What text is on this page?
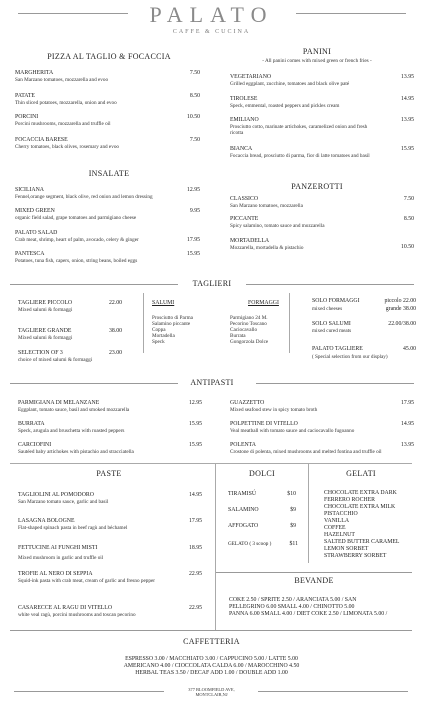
PALATO
CAFFE & CUCINA
PIZZA AL TAGLIO & FOCACCIA
MARGHERITA
San Marzano tomatoes, mozzarella and evoo
7.50
PATATE
Thin sliced potatoes, mozzarella, onion and evoo
8.50
PORCINI
Porcini mushrooms, mozzarella and truffle oil
10.50
FOCACCIA BARESE
Cherry tomatoes, black olives, rosemary and evoo
7.50
INSALATE
SICILIANA
Fennel,orange segment, black olive, red onion and lemon dressing
12.95
MIXED GREEN
organic field salad, grape tomatoes and parmigiano cheese
9.95
PALATO SALAD
Crab meat, shrimp, heart of palm, avocado, celery & ginger	17.95
PANTESCA
Potatoes, tuna fish, capers, onion, string beans, boiled eggs
15.95
PANINI
- All panini comes with mixed green or french fries -
VEGETARIANO
Grilled eggplant, zucchine, tomatoes and black olive paté
13.95
TIROLESE
Speck, emmental, roasted peppers and pickles cream
14.95
EMILIANO
Prosciutto cotto, marinate artichokes, caramelized onion and fresh ricotta
13.95
BIANCA
Focaccia bread, prosciutto di parma, fior di latte tomatoes and basil
15.95
PANZEROTTI
CLASSICO
San Marzano tomatoes, mozzarella
7.50
PICCANTE
Spicy salamino, tomato sauce and mozzarella
8.50
MORTADELLA
Mozzarella, mortadella & pistachio	10.50
TAGLIERI
TAGLIERE PICCOLO
Mixed salumi & formaggi
22.00
TAGLIERE GRANDE
Mixed salumi & formaggi
38.00
SELECTION OF 3
choice of mixed salumi & formaggi
23.00
SALUMI
Prosciutto di Parma
Salamino piccante
Coppa
Mortadella
Speck
FORMAGGI
Parmigiano 24 M.
Pecorino Toscano
Caciocavallo
Burrata
Gongorzola Dolce
SOLO FORMAGGI	piccolo 22.00
mixed cheeses	grande 38.00
SOLO SALUMI	22.00/38.00
mixed cured meats
PALATO TAGLIERE	45.00
( Special selection from our display)
ANTIPASTI
PARMIGIANA DI MELANZANE
Eggplant, tomato sauce, basil and smoked mozzarella
12.95
BURRATA
Speck, arugula and bruschetta with roasted peppers
15.95
CARCIOFINI
Sautéed baby artichokes with pistachio and stracciatella
15.95
GUAZZETTO
Mixed seafood stew in spicy tomato broth
17.95
POLPETTINE DI VITELLO
Veal meatball with tomato sauce and caciocavallo fugoanno
14.95
POLENTA
Crostone di polenta, mixed mushrooms and melted fontina and truffle oil
13.95
PASTE
TAGLIOLINI AL POMODORO
San Marzano tomato sauce, garlic and basil
14.95
LASAGNA BOLOGNE
Flat-shaped spinach pasta in beef ragù and béchamel
17.95
FETTUCINE AI FUNGHI MISTI
Mixed mushroom in garlic and truffle oil
18.95
TROFIE AL NERO DI SEPPIA
Squid-ink pasta with crab meat, cream of garlic and fresno pepper
22.95
CASARECCE AL RAGU DI VITELLO
white veal ragù, porcini mushrooms and toscan pecorino
22.95
DOLCI
TIRAMISÚ	$10
SALAMINO	$9
AFFOGATO	$9
GELATO ( 3 scoop )	$11
GELATI
CHOCOLATE EXTRA DARK
FERRERO ROCHER
CHOCOLATE EXTRA MILK
PISTACCHIO
VANILLA
COFFEE
HAZELNUT
SALTED BUTTER CARAMEL
LEMON SORBET
STRAWBERRY SORBET
BEVANDE
COKE 2.50 / SPRITE 2.50 / ARANCIATA 5.00 / SAN
PELLEGRINO 6.00 SMALL 4.00 / CHINOTTO 5.00
PANNA 6.00 SMALL 4.00 / DIET COKE 2.50 / LIMONATA 5.00 /
CAFFETTERIA
ESPRESSO 3.00 / MACCHIATO 3.00 / CAPPUCINO 5.00 / LATTE 5.00
AMERICANO 4.00 / CIOCCOLATA CALDA 6.00 / MAROCCHINO 4.50
HERBAL TEAS 3.50 / DECAF ADD 1.00 / DOUBLE ADD 1.00
377 BLOOMFIELD AVE,
MONTCLAIR,NJ
